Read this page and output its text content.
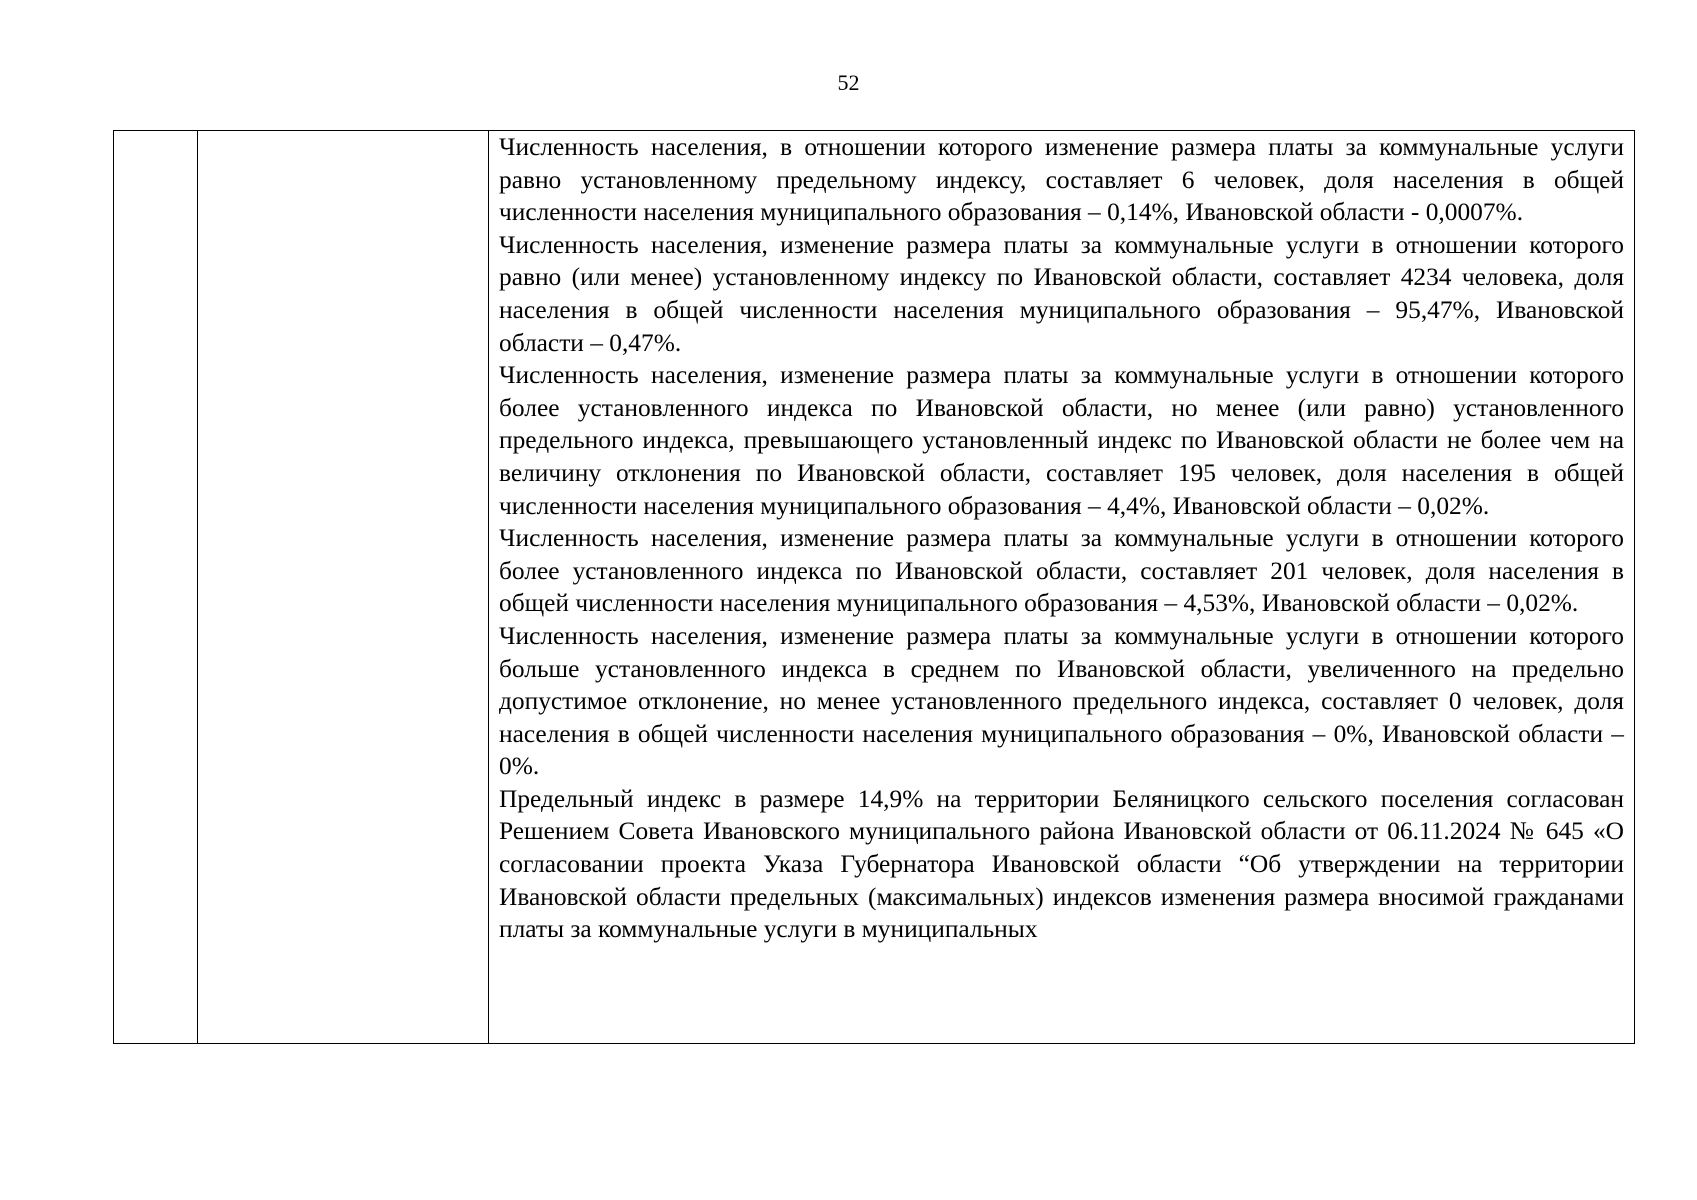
52

Численность населения, в отношении которого изменение размера платы за коммунальные услуги равно установленному предельному индексу, составляет 6 человек, доля населения в общей численности населения муниципального образования – 0,14%, Ивановской области - 0,0007%.

Численность населения, изменение размера платы за коммунальные услуги в отношении которого равно (или менее) установленному индексу по Ивановской области, составляет 4234 человека, доля населения в общей численности населения муниципального образования – 95,47%, Ивановской области – 0,47%.

Численность населения, изменение размера платы за коммунальные услуги в отношении которого более установленного индекса по Ивановской области, но менее (или равно) установленного предельного индекса, превышающего установленный индекс по Ивановской области не более чем на величину отклонения по Ивановской области, составляет 195 человек, доля населения в общей численности населения муниципального образования – 4,4%, Ивановской области – 0,02%.

Численность населения, изменение размера платы за коммунальные услуги в отношении которого более установленного индекса по Ивановской области, составляет 201 человек, доля населения в общей численности населения муниципального образования – 4,53%, Ивановской области – 0,02%.

Численность населения, изменение размера платы за коммунальные услуги в отношении которого больше установленного индекса в среднем по Ивановской области, увеличенного на предельно допустимое отклонение, но менее установленного предельного индекса, составляет 0 человек, доля населения в общей численности населения муниципального образования – 0%, Ивановской области – 0%.

Предельный индекс в размере 14,9% на территории Беляницкого сельского поселения согласован Решением Совета Ивановского муниципального района Ивановской области от 06.11.2024 № 645 «О согласовании проекта Указа Губернатора Ивановской области “Об утверждении на территории Ивановской области предельных (максимальных) индексов изменения размера вносимой гражданами платы за коммунальные услуги в муниципальных
